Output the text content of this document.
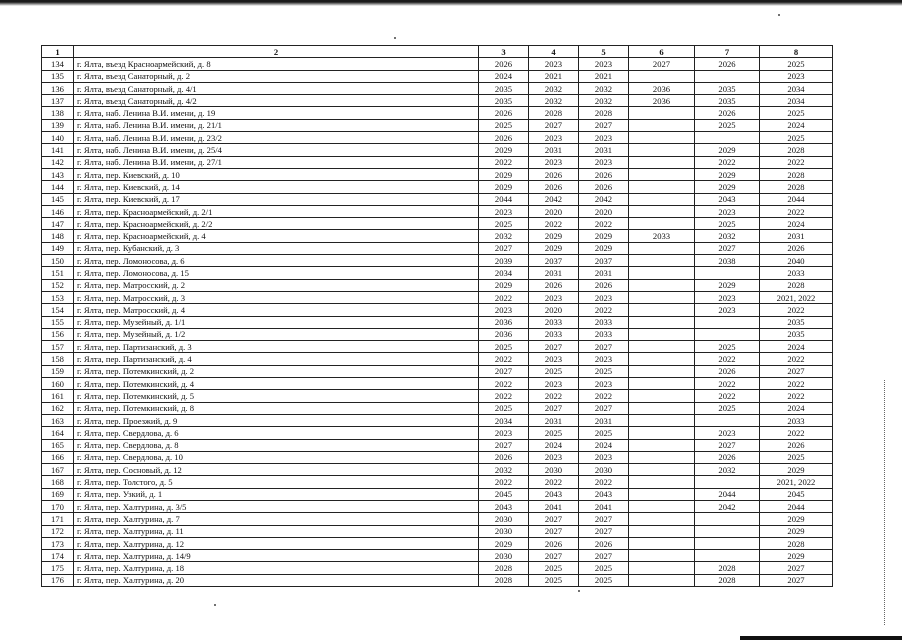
1	2	3	4	5	6	7	8
134	г. Ялта, въезд Красноармейский, д. 8	2026	2023	2023	2027	2026	2025
135	г. Ялта, въезд Санаторный, д. 2	2024	2021	2021			2023
136	г. Ялта, въезд Санаторный, д. 4/1	2035	2032	2032	2036	2035	2034
137	г. Ялта, въезд Санаторный, д. 4/2	2035	2032	2032	2036	2035	2034
138	г. Ялта, наб. Ленина В.И. имени, д. 19	2026	2028	2028		2026	2025
139	г. Ялта, наб. Ленина В.И. имени, д. 21/1	2025	2027	2027		2025	2024
140	г. Ялта, наб. Ленина В.И. имени, д. 23/2	2026	2023	2023			2025
141	г. Ялта, наб. Ленина В.И. имени, д. 25/4	2029	2031	2031		2029	2028
142	г. Ялта, наб. Ленина В.И. имени, д. 27/1	2022	2023	2023		2022	2022
143	г. Ялта, пер. Киевский, д. 10	2029	2026	2026		2029	2028
144	г. Ялта, пер. Киевский, д. 14	2029	2026	2026		2029	2028
145	г. Ялта, пер. Киевский, д. 17	2044	2042	2042		2043	2044
146	г. Ялта, пер. Красноармейский, д. 2/1	2023	2020	2020		2023	2022
147	г. Ялта, пер. Красноармейский, д. 2/2	2025	2022	2022		2025	2024
148	г. Ялта, пер. Красноармейский, д. 4	2032	2029	2029	2033	2032	2031
149	г. Ялта, пер. Кубанский, д. 3	2027	2029	2029		2027	2026
150	г. Ялта, пер. Ломоносова, д. 6	2039	2037	2037		2038	2040
151	г. Ялта, пер. Ломоносова, д. 15	2034	2031	2031			2033
152	г. Ялта, пер. Матросский, д. 2	2029	2026	2026		2029	2028
153	г. Ялта, пер. Матросский, д. 3	2022	2023	2023		2023	2021, 2022
154	г. Ялта, пер. Матросский, д. 4	2023	2020	2022		2023	2022
155	г. Ялта, пер. Музейный, д. 1/1	2036	2033	2033			2035
156	г. Ялта, пер. Музейный, д. 1/2	2036	2033	2033			2035
157	г. Ялта, пер. Партизанский, д. 3	2025	2027	2027		2025	2024
158	г. Ялта, пер. Партизанский, д. 4	2022	2023	2023		2022	2022
159	г. Ялта, пер. Потемкинский, д. 2	2027	2025	2025		2026	2027
160	г. Ялта, пер. Потемкинский, д. 4	2022	2023	2023		2022	2022
161	г. Ялта, пер. Потемкинский, д. 5	2022	2022	2022		2022	2022
162	г. Ялта, пер. Потемкинский, д. 8	2025	2027	2027		2025	2024
163	г. Ялта, пер. Проезжий, д. 9	2034	2031	2031			2033
164	г. Ялта, пер. Свердлова, д. 6	2023	2025	2025		2023	2022
165	г. Ялта, пер. Свердлова, д. 8	2027	2024	2024		2027	2026
166	г. Ялта, пер. Свердлова, д. 10	2026	2023	2023		2026	2025
167	г. Ялта, пер. Сосновый, д. 12	2032	2030	2030		2032	2029
168	г. Ялта, пер. Толстого, д. 5	2022	2022	2022			2021, 2022
169	г. Ялта, пер. Узкий, д. 1	2045	2043	2043		2044	2045
170	г. Ялта, пер. Халтурина, д. 3/5	2043	2041	2041		2042	2044
171	г. Ялта, пер. Халтурина, д. 7	2030	2027	2027			2029
172	г. Ялта, пер. Халтурина, д. 11	2030	2027	2027			2029
173	г. Ялта, пер. Халтурина, д. 12	2029	2026	2026			2028
174	г. Ялта, пер. Халтурина, д. 14/9	2030	2027	2027			2029
175	г. Ялта, пер. Халтурина, д. 18	2028	2025	2025		2028	2027
176	г. Ялта, пер. Халтурина, д. 20	2028	2025	2025		2028	2027
